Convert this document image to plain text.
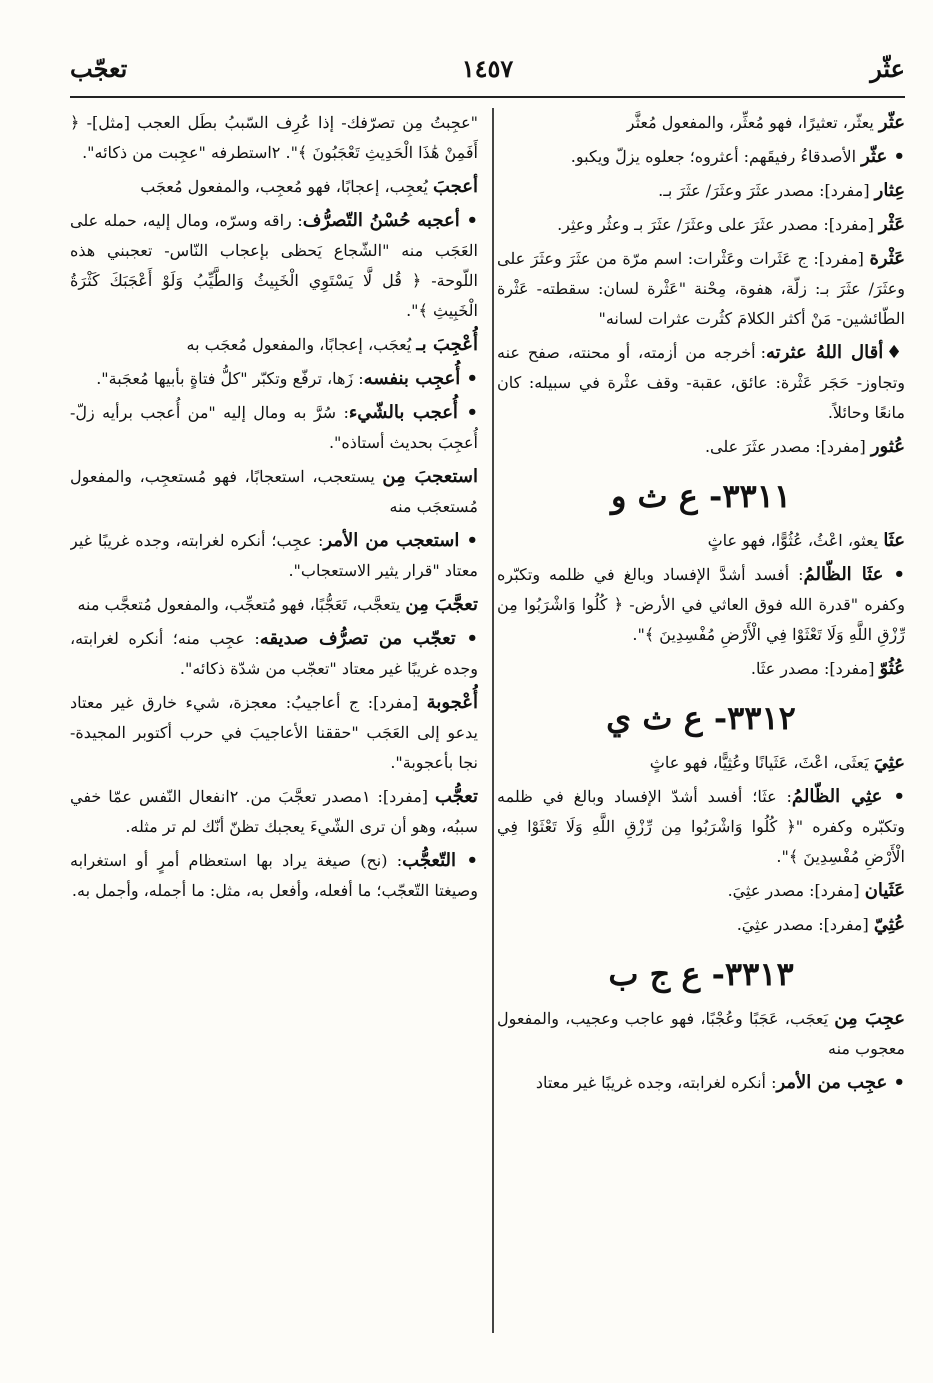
عثّر
١٤٥٧
تعجّب

عثّر يعثّر، تعثيرًا، فهو مُعثِّر، والمفعول مُعثَّر

• عثّر الأصدقاءُ رفيقَهم: أعثروه؛ جعلوه يزلّ ويكبو.

عِثار [مفرد]: مصدر عثَرَ وعثَرَ/ عثَرَ بـ.

عَثْر [مفرد]: مصدر عثَرَ على وعثَرَ/ عثَرَ بـ وعثُر وعثِر.

عَثْرة [مفرد]: ج عَثَرات وعَثْرات: اسم مرّة من عثَرَ وعثَرَ على وعثَرَ/ عثَرَ بـ: زلّة، هفوة، مِحْنة "عَثْرة لسان: سقطته- عَثْرة الطّائشين- مَنْ أكثر الكلامَ كثُرت عثرات لسانه"

♦أقال اللهُ عثرته: أخرجه من أزمته، أو محنته، صفح عنه وتجاوز- حَجَر عَثْرة: عائق، عقبة- وقف عثْرة في سبيله: كان مانعًا وحائلاً.

عُثور [مفرد]: مصدر عثَرَ على.

٣٣١١- ع ث و

عثَا يعثو، اعْثُ، عُثُوًّا، فهو عاثٍ

• عثَا الظّالمُ: أفسد أشدَّ الإفساد وبالغ في ظلمه وتكبّره وكفره "قدرة الله فوق العاثي في الأرض- ﴿ كُلُوا وَاشْرَبُوا مِن رِّزْقِ اللَّهِ وَلَا تَعْثَوْا فِي الْأَرْضِ مُفْسِدِينَ ﴾".

عُثُوّ [مفرد]: مصدر عثَا.

٣٣١٢- ع ث ي

عثِيَ يَعثَى، اعْثَ، عَثَيانًا وعُثِيًّا، فهو عاثٍ

• عثِي الظّالمُ: عثَا؛ أفسد أشدّ الإفساد وبالغ في ظلمه وتكبّره وكفره "﴿ كُلُوا وَاشْرَبُوا مِن رِّزْقِ اللَّهِ وَلَا تَعْثَوْا فِي الْأَرْضِ مُفْسِدِينَ ﴾".

عَثَيان [مفرد]: مصدر عثِيَ.

عُثِيّ [مفرد]: مصدر عثِيَ.

٣٣١٣- ع ج ب

عجِبَ مِن يَعجَب، عَجَبًا وعُجْبًا، فهو عاجب وعجيب، والمفعول معجوب منه

• عجِب من الأمر: أنكره لغرابته، وجده غريبًا غير معتاد

"عجِبتُ مِن تصرّفك- إذا عُرِف السّببُ بطَل العجب [مثل]- ﴿ أَفَمِنْ هَٰذَا الْحَدِيثِ تَعْجَبُونَ ﴾". ٢استطرفه "عجِبت من ذكائه".

أعجبَ يُعجِب، إعجابًا، فهو مُعجِب، والمفعول مُعجَب

• أعجبه حُسْنُ التّصرُّف: راقه وسرّه، ومال إليه، حمله على العَجَب منه "الشّجاع يَحظى بإعجاب النّاس- تعجبني هذه اللّوحة- ﴿ قُل لَّا يَسْتَوِي الْخَبِيثُ وَالطَّيِّبُ وَلَوْ أَعْجَبَكَ كَثْرَةُ الْخَبِيثِ ﴾".

أُعْجِبَ بـ يُعجَب، إعجابًا، والمفعول مُعجَب به

• أُعجِب بنفسه: زَها، ترفّع وتكبّر "كلُّ فتاةٍ بأبيها مُعجَبة".

• أُعجب بالشّيء: سُرَّ به ومال إليه "من أُعجب برأيه زلّ- أُعجِبَ بحديث أستاذه".

استعجبَ مِن يستعجب، استعجابًا، فهو مُستعجِب، والمفعول مُستعجَب منه

• استعجب من الأمر: عجِب؛ أنكره لغرابته، وجده غريبًا غير معتاد "قرار يثير الاستعجاب".

تعجَّبَ مِن يتعجَّب، تَعَجُّبًا، فهو مُتعجِّب، والمفعول مُتعجَّب منه

• تعجّب من تصرُّف صديقه: عجِب منه؛ أنكره لغرابته، وجده غريبًا غير معتاد "تعجّب من شدّة ذكائه".

أُعْجوبة [مفرد]: ج أعاجيبُ: معجزة، شيء خارق غير معتاد يدعو إلى العَجَب "حققنا الأعاجيبَ في حرب أكتوبر المجيدة- نجا بأعجوبة".

تعجُّب [مفرد]: ١مصدر تعجَّبَ من. ٢انفعال النّفس عمّا خفي سببُه، وهو أن ترى الشّيءَ يعجبك تظنّ أنّك لم تر مثله.

• التّعجُّب: (نح) صيغة يراد بها استعظام أمرٍ أو استغرابه وصيغتا التّعجّب؛ ما أفعله، وأفعل به، مثل: ما أجمله، وأجمل به.
